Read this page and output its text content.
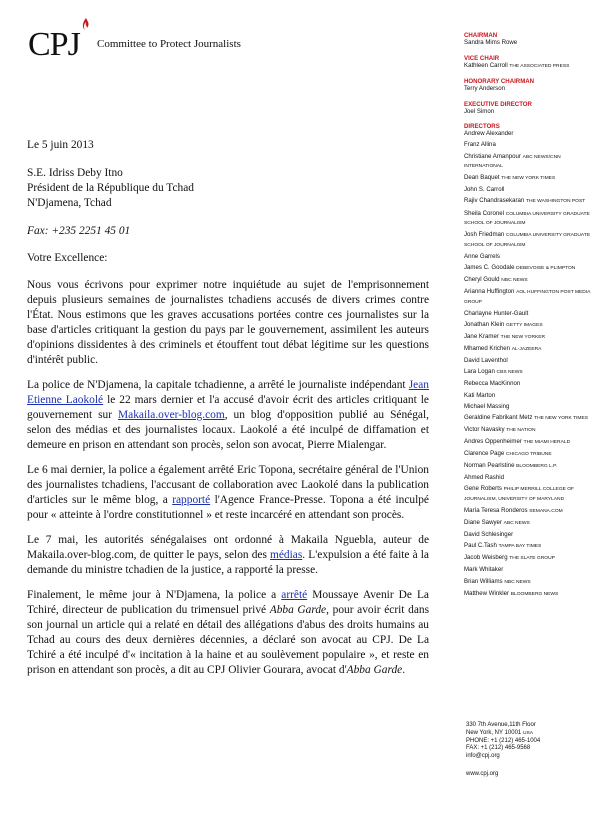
CPJ Committee to Protect Journalists

Le 5 juin 2013

S.E. Idriss Deby Itno

Président de la République du Tchad

N'Djamena, Tchad

Fax: +235 2251 45 01

Votre Excellence:

Nous vous écrivons pour exprimer notre inquiétude au sujet de l'emprisonnement depuis plusieurs semaines de journalistes tchadiens accusés de divers crimes contre l'État. Nous estimons que les graves accusations portées contre ces journalistes sur la base d'articles critiquant la gestion du pays par le gouvernement, assimilent les auteurs d'opinions dissidentes à des criminels et étouffent tout débat légitime sur les questions d'intérêt public.

La police de N'Djamena, la capitale tchadienne, a arrêté le journaliste indépendant Jean Etienne Laokolé le 22 mars dernier et l'a accusé d'avoir écrit des articles critiquant le gouvernement sur Makaila.over-blog.com, un blog d'opposition publié au Sénégal, selon des médias et des journalistes locaux. Laokolé a été inculpé de diffamation et demeure en prison en attendant son procès, selon son avocat, Pierre Mialengar.

Le 6 mai dernier, la police a également arrêté Eric Topona, secrétaire général de l'Union des journalistes tchadiens, l'accusant de collaboration avec Laokolé dans la publication d'articles sur le même blog, a rapporté l'Agence France-Presse. Topona a été inculpé pour « atteinte à l'ordre constitutionnel » et reste incarcéré en attendant son procès.

Le 7 mai, les autorités sénégalaises ont ordonné à Makaila Nguebla, auteur de Makaila.over-blog.com, de quitter le pays, selon des médias. L'expulsion a été faite à la demande du ministre tchadien de la justice, a rapporté la presse.

Finalement, le même jour à N'Djamena, la police a arrêté Moussaye Avenir De La Tchiré, directeur de publication du trimensuel privé Abba Garde, pour avoir écrit dans son journal un article qui a relaté en détail des allégations d'abus des droits humains au Tchad au cours des deux dernières décennies, a déclaré son avocat au CPJ. De La Tchiré a été inculpé d'« incitation à la haine et au soulèvement populaire », et reste en prison en attendant son procès, a dit au CPJ Olivier Gourara, avocat d'Abba Garde.

CHAIRMAN
Sandra Mims Rowe
VICE CHAIR
Kathleen Carroll THE ASSOCIATED PRESS
HONORARY CHAIRMAN
Terry Anderson
EXECUTIVE DIRECTOR
Joel Simon
DIRECTORS
Andrew Alexander
Franz Allina
Christiane Amanpour ABC NEWS/CNN INTERNATIONAL
Dean Baquet THE NEW YORK TIMES
John S. Carroll
Rajiv Chandrasekaran THE WASHINGTON POST
Sheila Coronel COLUMBIA UNIVERSITY GRADUATE SCHOOL OF JOURNALISM
Josh Friedman COLUMBIA UNIVERSITY GRADUATE SCHOOL OF JOURNALISM
Anne Garrels
James C. Goodale DEBEVOISE & PLIMPTON
Cheryl Gould NBC NEWS
Arianna Huffington AOL HUFFINGTON POST MEDIA GROUP
Charlayne Hunter-Gault
Jonathan Klein GETTY IMAGES
Jane Kramer THE NEW YORKER
Mhamed Krichen AL-JAZEERA
David Laventhol
Lara Logan CBS NEWS
Rebecca MacKinnon
Kati Marton
Michael Massing
Geraldine Fabrikant Metz THE NEW YORK TIMES
Victor Navasky THE NATION
Andres Oppenheimer THE MIAMI HERALD
Clarence Page CHICAGO TRIBUNE
Norman Pearlstine BLOOMBERG L.P.
Ahmed Rashid
Gene Roberts PHILIP MERRILL COLLEGE OF JOURNALISM, UNIVERSITY OF MARYLAND
María Teresa Ronderos SEMANA.COM
Diane Sawyer ABC NEWS
David Schlesinger
Paul C.Tash TAMPA BAY TIMES
Jacob Weisberg THE SLATE GROUP
Mark Whitaker
Brian Williams NBC NEWS
Matthew Winkler BLOOMBERG NEWS
330 7th Avenue,11th Floor
New York, NY 10001 USA
PHONE: +1 (212) 465-1004
FAX: +1 (212) 465-9568
info@cpj.org
www.cpj.org
